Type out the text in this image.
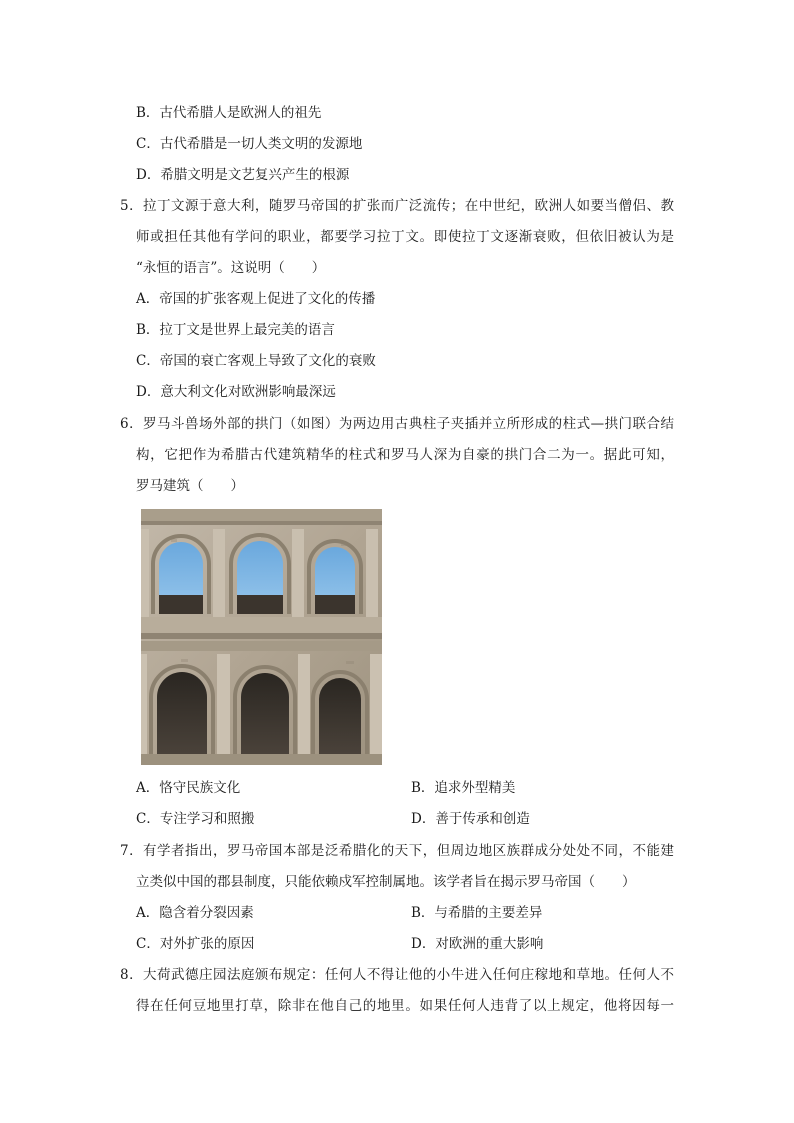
B．古代希腊人是欧洲人的祖先
C．古代希腊是一切人类文明的发源地
D．希腊文明是文艺复兴产生的根源
5．拉丁文源于意大利，随罗马帝国的扩张而广泛流传；在中世纪，欧洲人如要当僧侣、教
师或担任其他有学问的职业，都要学习拉丁文。即使拉丁文逐渐衰败，但依旧被认为是
“永恒的语言”。这说明（　　）
A．帝国的扩张客观上促进了文化的传播
B．拉丁文是世界上最完美的语言
C．帝国的衰亡客观上导致了文化的衰败
D．意大利文化对欧洲影响最深远
6．罗马斗兽场外部的拱门（如图）为两边用古典柱子夹插并立所形成的柱式—拱门联合结
构，它把作为希腊古代建筑精华的柱式和罗马人深为自豪的拱门合二为一。据此可知，
罗马建筑（　　）
A．恪守民族文化	B．追求外型精美
C．专注学习和照搬	D．善于传承和创造
7．有学者指出，罗马帝国本部是泛希腊化的天下，但周边地区族群成分处处不同，不能建
立类似中国的郡县制度，只能依赖戍军控制属地。该学者旨在揭示罗马帝国（　　）
A．隐含着分裂因素	B．与希腊的主要差异
C．对外扩张的原因	D．对欧洲的重大影响
8．大荷武德庄园法庭颁布规定：任何人不得让他的小牛进入任何庄稼地和草地。任何人不
得在任何豆地里打草，除非在他自己的地里。如果任何人违背了以上规定，他将因每一
